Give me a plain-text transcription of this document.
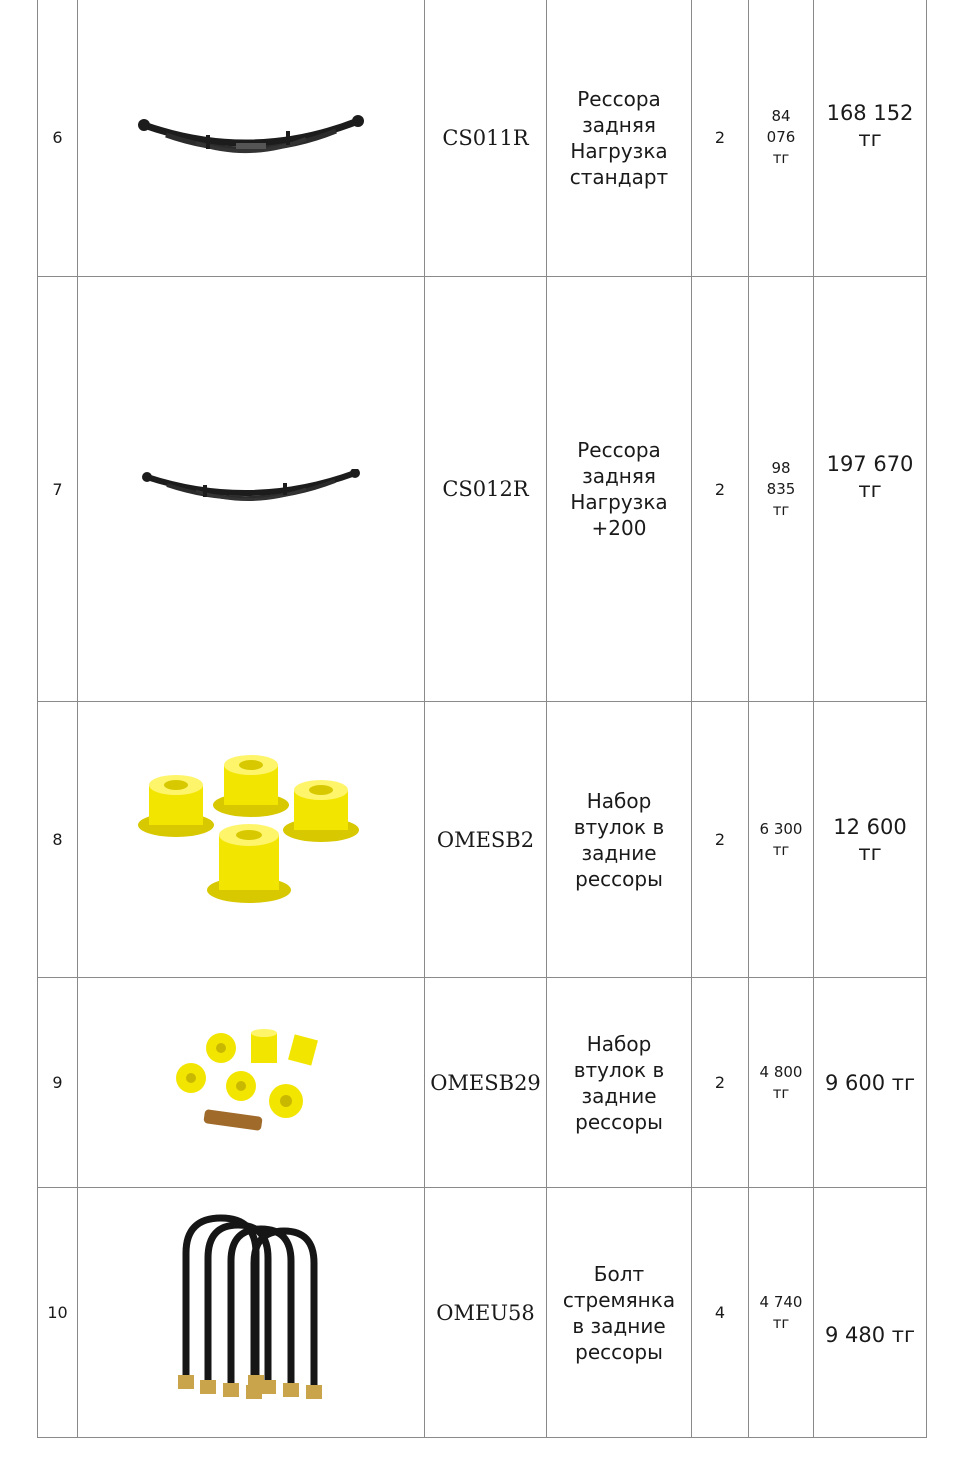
6		CS011R	Рессора
задняя
Нагрузка
стандарт	2	84
076
тг	168 152
тг
7		CS012R	Рессора
задняя
Нагрузка
+200	2	98
835
тг	197 670
тг
8		OMESB2	Набор
втулок в
задние
рессоры	2	6 300
тг	12 600
тг
9		OMESB29	Набор
втулок в
задние
рессоры	2	4 800
тг	9 600 тг
10		OMEU58	Болт
стремянка
в задние
рессоры	4	4 740
тг	9 480 тг
